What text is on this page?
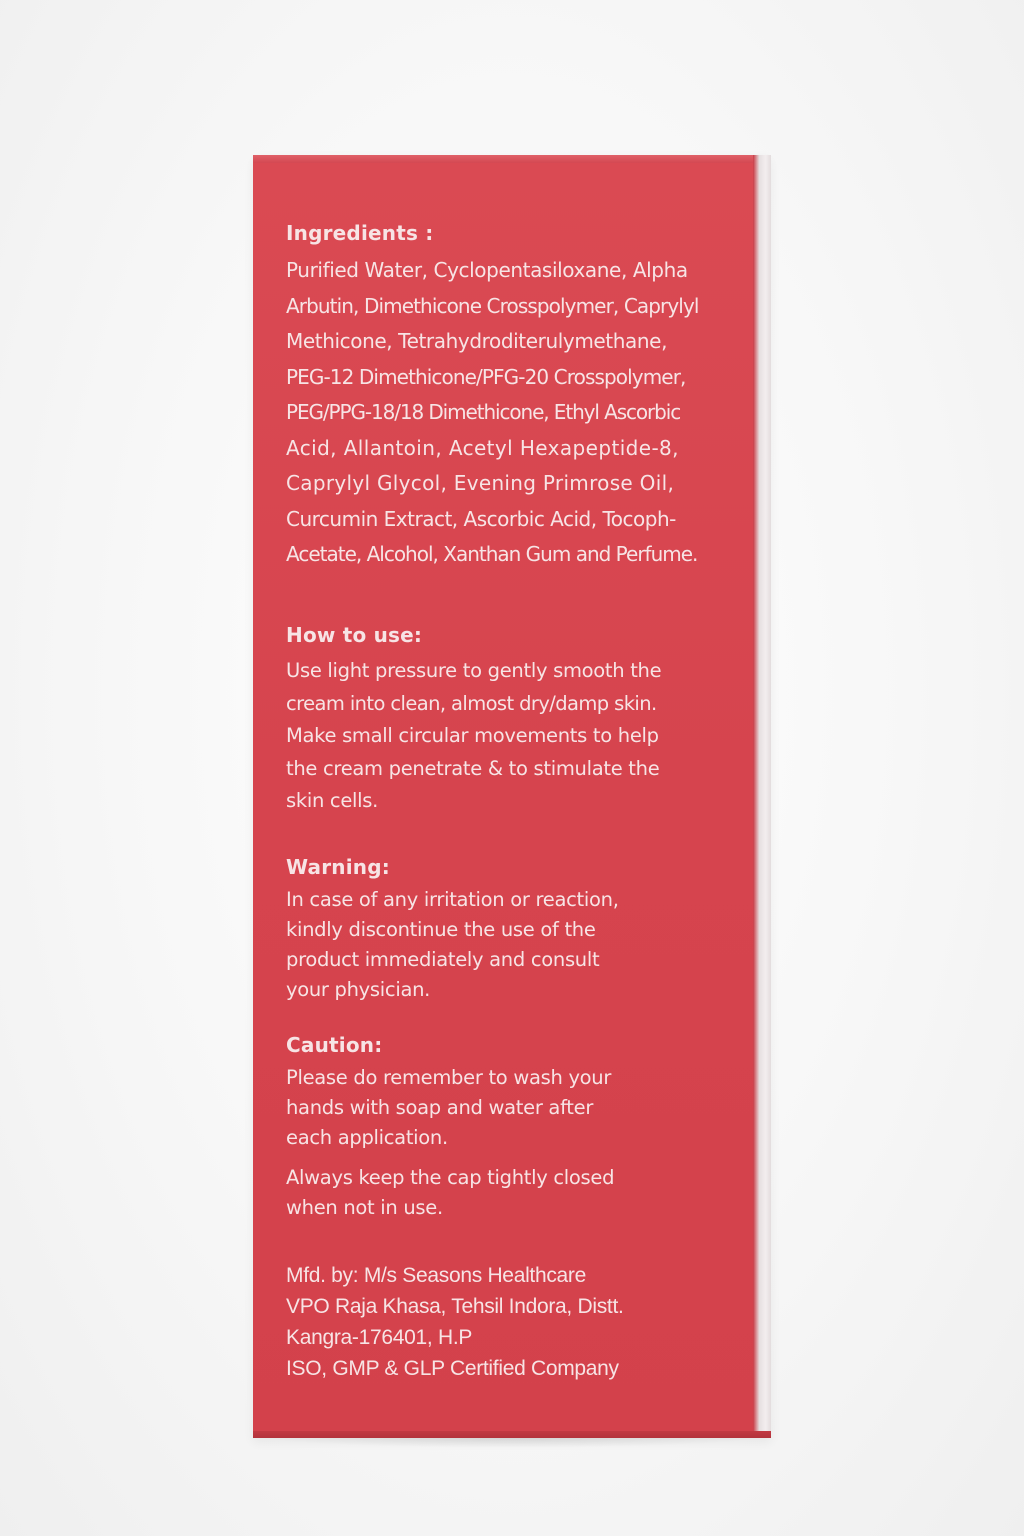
Ingredients :
Purified Water, Cyclopentasiloxane, Alpha
Arbutin, Dimethicone Crosspolymer, Caprylyl
Methicone, Tetrahydroditerulymethane,
PEG-12 Dimethicone/PFG-20 Crosspolymer,
PEG/PPG-18/18 Dimethicone, Ethyl Ascorbic
Acid, Allantoin, Acetyl Hexapeptide-8,
Caprylyl Glycol, Evening Primrose Oil,
Curcumin Extract, Ascorbic Acid, Tocoph-
Acetate, Alcohol, Xanthan Gum and Perfume.
How to use:
Use light pressure to gently smooth the
cream into clean, almost dry/damp skin.
Make small circular movements to help
the cream penetrate & to stimulate the
skin cells.
Warning:
In case of any irritation or reaction,
kindly discontinue the use of the
product immediately and consult
your physician.
Caution:
Please do remember to wash your
hands with soap and water after
each application.
Always keep the cap tightly closed
when not in use.
Mfd. by: M/s Seasons Healthcare
VPO Raja Khasa, Tehsil Indora, Distt.
Kangra-176401, H.P
ISO, GMP & GLP Certified Company
